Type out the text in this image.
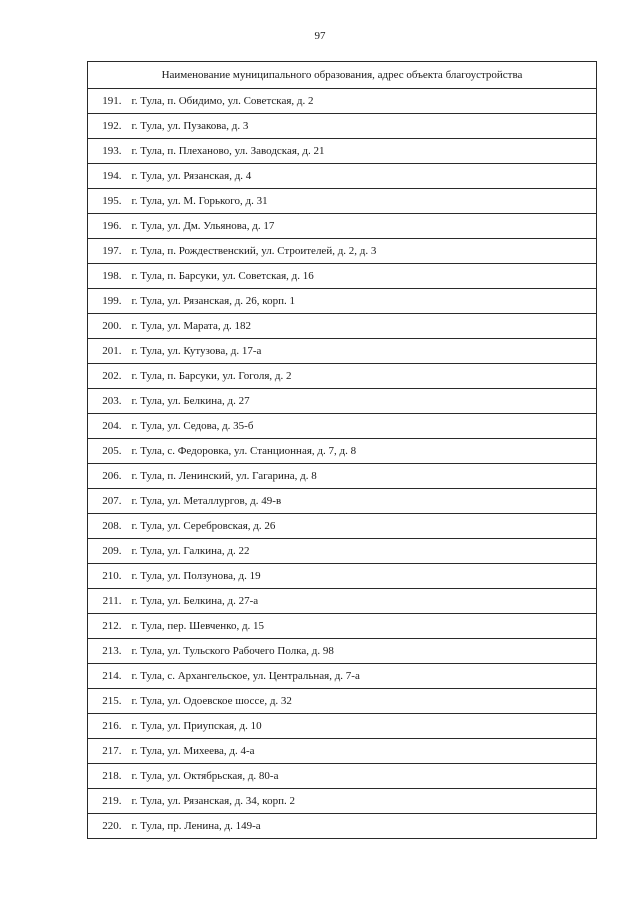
97
Наименование муниципального образования, адрес объекта благоустройства	
191.	г. Тула, п. Обидимо, ул. Советская, д. 2
192.	г. Тула, ул. Пузакова, д. 3
193.	г. Тула, п. Плеханово, ул. Заводская, д. 21
194.	г. Тула, ул. Рязанская, д. 4
195.	г. Тула, ул. М. Горького, д. 31
196.	г. Тула, ул. Дм. Ульянова, д. 17
197.	г. Тула, п. Рождественский, ул. Строителей, д. 2, д. 3
198.	г. Тула, п. Барсуки, ул. Советская, д. 16
199.	г. Тула, ул. Рязанская, д. 26, корп. 1
200.	г. Тула, ул. Марата, д. 182
201.	г. Тула, ул. Кутузова, д. 17-а
202.	г. Тула, п. Барсуки, ул. Гоголя, д. 2
203.	г. Тула, ул. Белкина, д. 27
204.	г. Тула, ул. Седова, д. 35-б
205.	г. Тула, с. Федоровка, ул. Станционная, д. 7, д. 8
206.	г. Тула, п. Ленинский, ул. Гагарина, д. 8
207.	г. Тула, ул. Металлургов, д. 49-в
208.	г. Тула, ул. Серебровская, д. 26
209.	г. Тула, ул. Галкина, д. 22
210.	г. Тула, ул. Ползунова, д. 19
211.	г. Тула, ул. Белкина, д. 27-а
212.	г. Тула, пер. Шевченко, д. 15
213.	г. Тула, ул. Тульского Рабочего Полка, д. 98
214.	г. Тула, с. Архангельское, ул. Центральная, д. 7-а
215.	г. Тула, ул. Одоевское шоссе, д. 32
216.	г. Тула, ул. Приупская, д. 10
217.	г. Тула, ул. Михеева, д. 4-а
218.	г. Тула, ул. Октябрьская, д. 80-а
219.	г. Тула, ул. Рязанская, д. 34, корп. 2
220.	г. Тула, пр. Ленина, д. 149-а
